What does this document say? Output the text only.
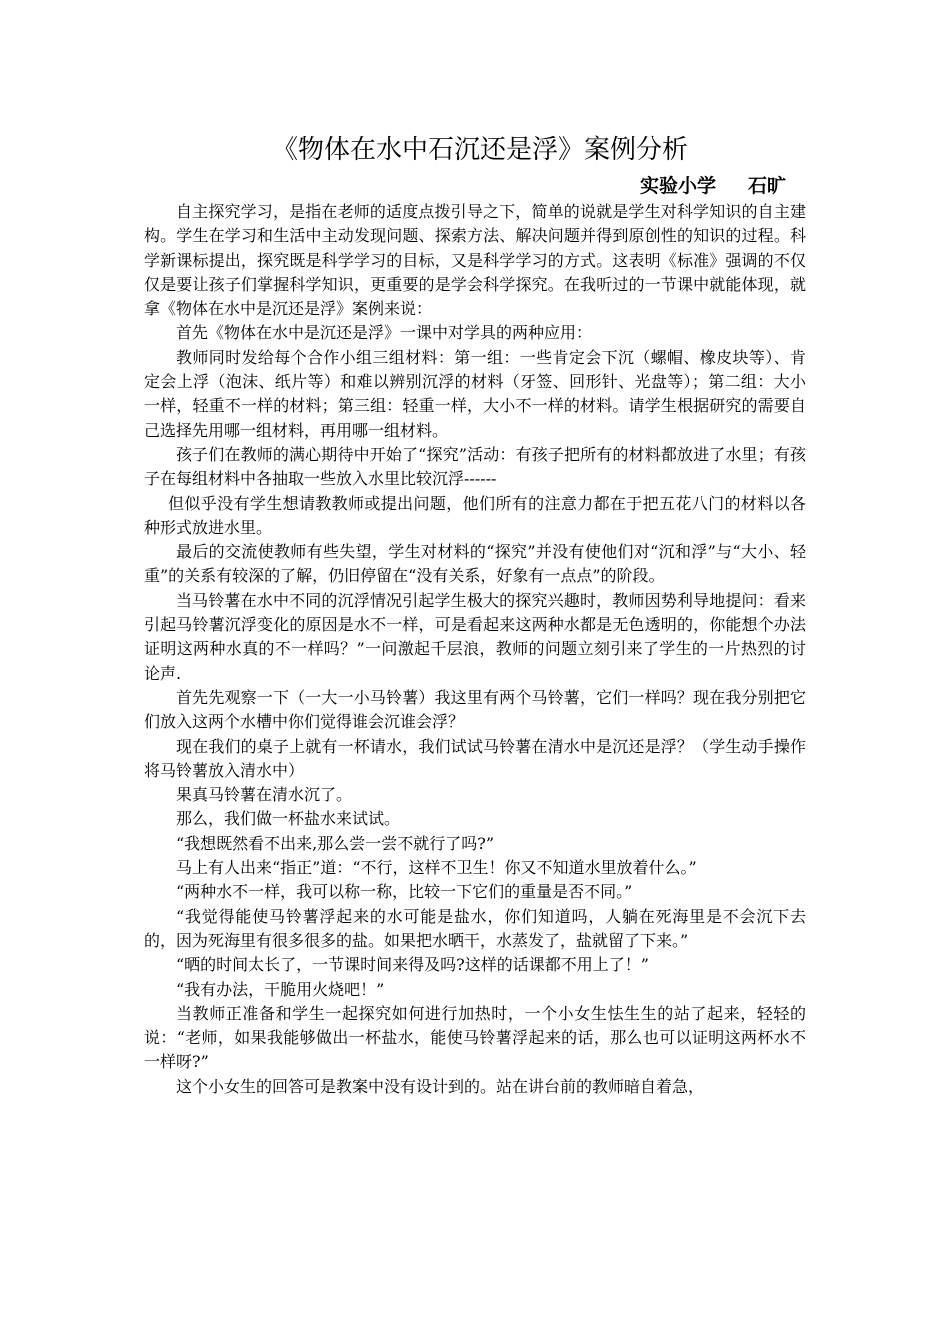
《物体在水中石沉还是浮》案例分析
实验小学 石旷

自主探究学习，是指在老师的适度点拨引导之下，简单的说就是学生对科学知识的自主建构。学生在学习和生活中主动发现问题、探索方法、解决问题并得到原创性的知识的过程。科学新课标提出，探究既是科学学习的目标，又是科学学习的方式。这表明《标准》强调的不仅仅是要让孩子们掌握科学知识，更重要的是学会科学探究。在我听过的一节课中就能体现，就拿《物体在水中是沉还是浮》案例来说：

首先《物体在水中是沉还是浮》一课中对学具的两种应用：

教师同时发给每个合作小组三组材料：第一组：一些肯定会下沉（螺帽、橡皮块等）、肯定会上浮（泡沫、纸片等）和难以辨别沉浮的材料（牙签、回形针、光盘等）；第二组：大小一样，轻重不一样的材料；第三组：轻重一样，大小不一样的材料。请学生根据研究的需要自己选择先用哪一组材料，再用哪一组材料。

孩子们在教师的满心期待中开始了“探究”活动：有孩子把所有的材料都放进了水里；有孩子在每组材料中各抽取一些放入水里比较沉浮------

但似乎没有学生想请教教师或提出问题，他们所有的注意力都在于把五花八门的材料以各种形式放进水里。

最后的交流使教师有些失望，学生对材料的“探究”并没有使他们对“沉和浮”与“大小、轻重”的关系有较深的了解，仍旧停留在“没有关系，好象有一点点”的阶段。

当马铃薯在水中不同的沉浮情况引起学生极大的探究兴趣时，教师因势利导地提问：看来引起马铃薯沉浮变化的原因是水不一样，可是看起来这两种水都是无色透明的，你能想个办法证明这两种水真的不一样吗？”一问激起千层浪，教师的问题立刻引来了学生的一片热烈的讨论声.

首先先观察一下（一大一小马铃薯）我这里有两个马铃薯，它们一样吗？现在我分别把它们放入这两个水槽中你们觉得谁会沉谁会浮？

现在我们的桌子上就有一杯请水，我们试试马铃薯在清水中是沉还是浮？（学生动手操作将马铃薯放入清水中）

果真马铃薯在清水沉了。

那么，我们做一杯盐水来试试。

“我想既然看不出来,那么尝一尝不就行了吗?”

马上有人出来“指正”道：“不行，这样不卫生！你又不知道水里放着什么。”

“两种水不一样，我可以称一称，比较一下它们的重量是否不同。”

“我觉得能使马铃薯浮起来的水可能是盐水，你们知道吗，人躺在死海里是不会沉下去的，因为死海里有很多很多的盐。如果把水晒干，水蒸发了，盐就留了下来。”

“晒的时间太长了，一节课时间来得及吗?这样的话课都不用上了！”

“我有办法，干脆用火烧吧！”

当教师正准备和学生一起探究如何进行加热时，一个小女生怯生生的站了起来，轻轻的说：“老师，如果我能够做出一杯盐水，能使马铃薯浮起来的话，那么也可以证明这两杯水不一样呀?”

这个小女生的回答可是教案中没有设计到的。站在讲台前的教师暗自着急，
